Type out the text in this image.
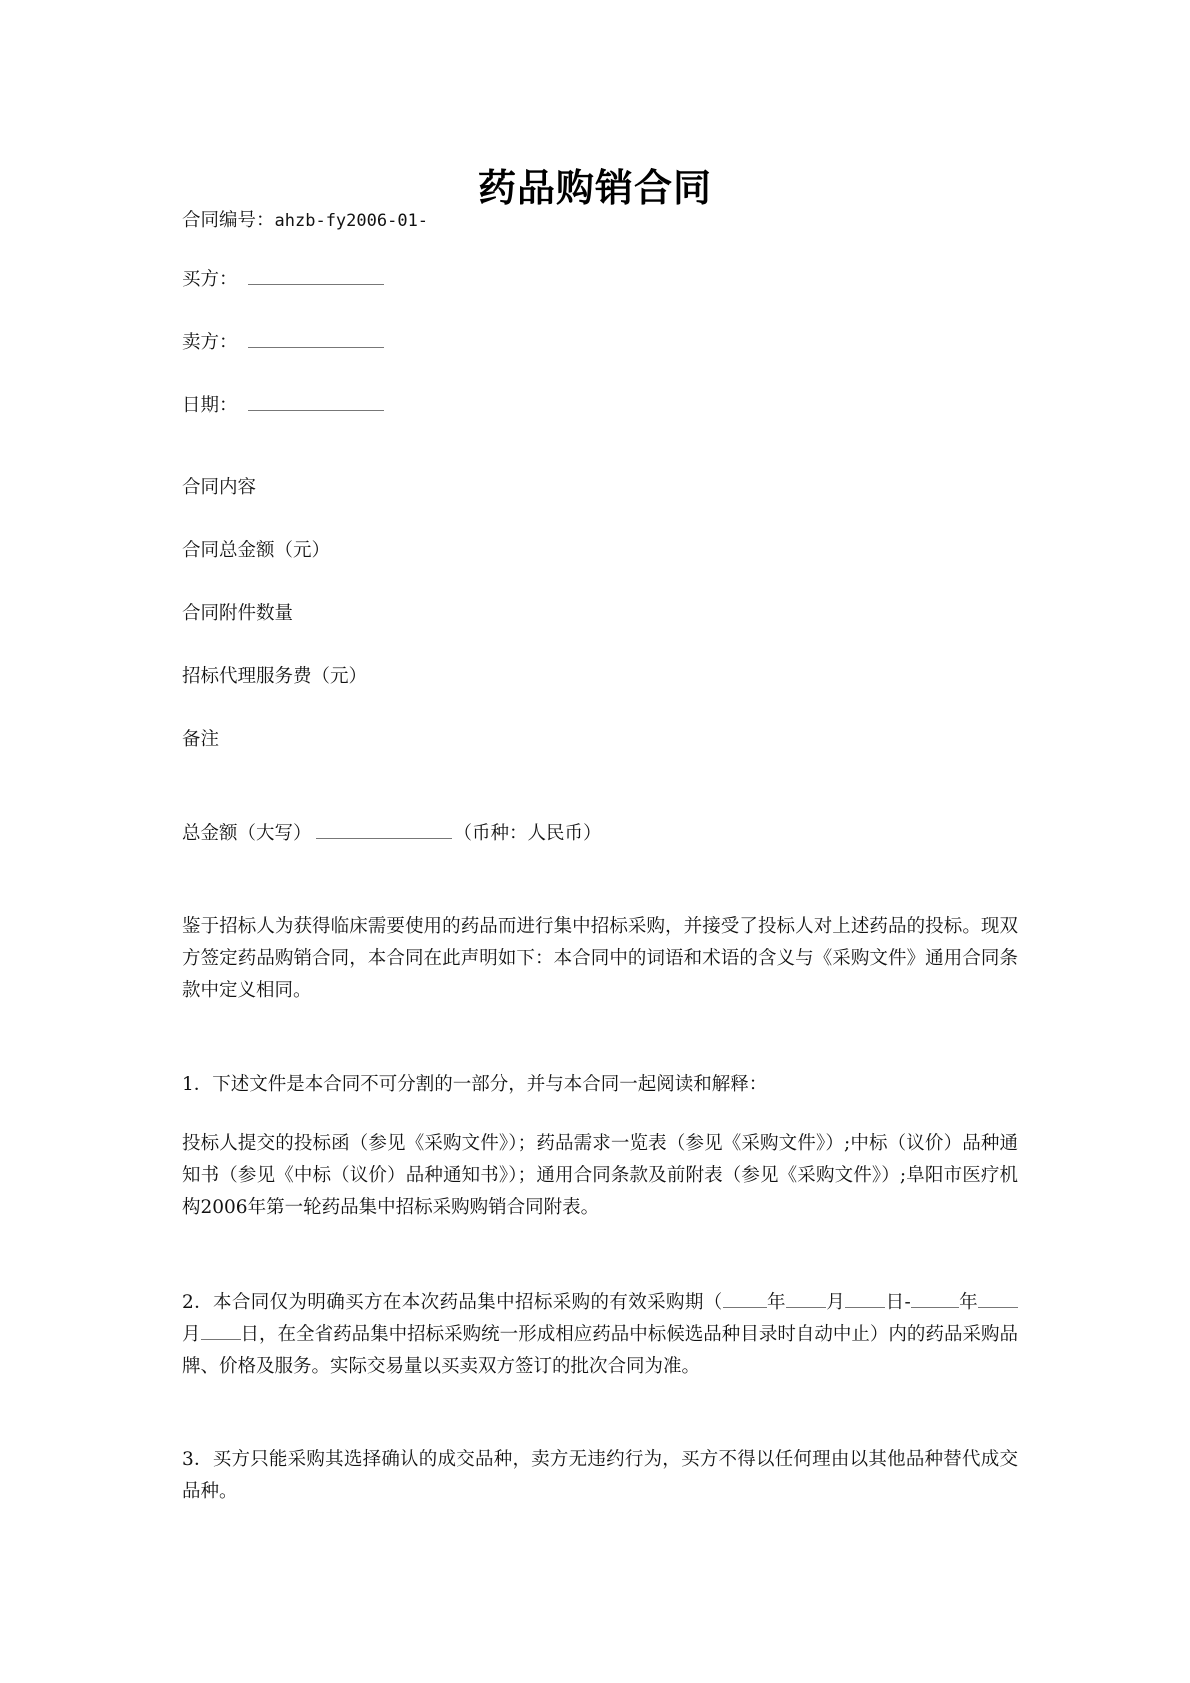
药品购销合同
合同编号：ahzb-fy2006-01-
买方：
卖方：
日期：
合同内容
合同总金额（元）
合同附件数量
招标代理服务费（元）
备注
总金额（大写）	（币种：人民币）
鉴于招标人为获得临床需要使用的药品而进行集中招标采购，并接受了投标人对上述药品的投标。现双方签定药品购销合同，本合同在此声明如下：本合同中的词语和术语的含义与《采购文件》通用合同条款中定义相同。
1．下述文件是本合同不可分割的一部分，并与本合同一起阅读和解释：
投标人提交的投标函（参见《采购文件》）；药品需求一览表（参见《采购文件》）;中标（议价）品种通知书（参见《中标（议价）品种通知书》）；通用合同条款及前附表（参见《采购文件》）;阜阳市医疗机构2006年第一轮药品集中招标采购购销合同附表。
2．本合同仅为明确买方在本次药品集中招标采购的有效采购期（ 年 月 日-	年月 日，在全省药品集中招标采购统一形成相应药品中标候选品种目录时自动中止）内的药品采购品牌、价格及服务。实际交易量以买卖双方签订的批次合同为准。
3．买方只能采购其选择确认的成交品种，卖方无违约行为，买方不得以任何理由以其他品种替代成交品种。
